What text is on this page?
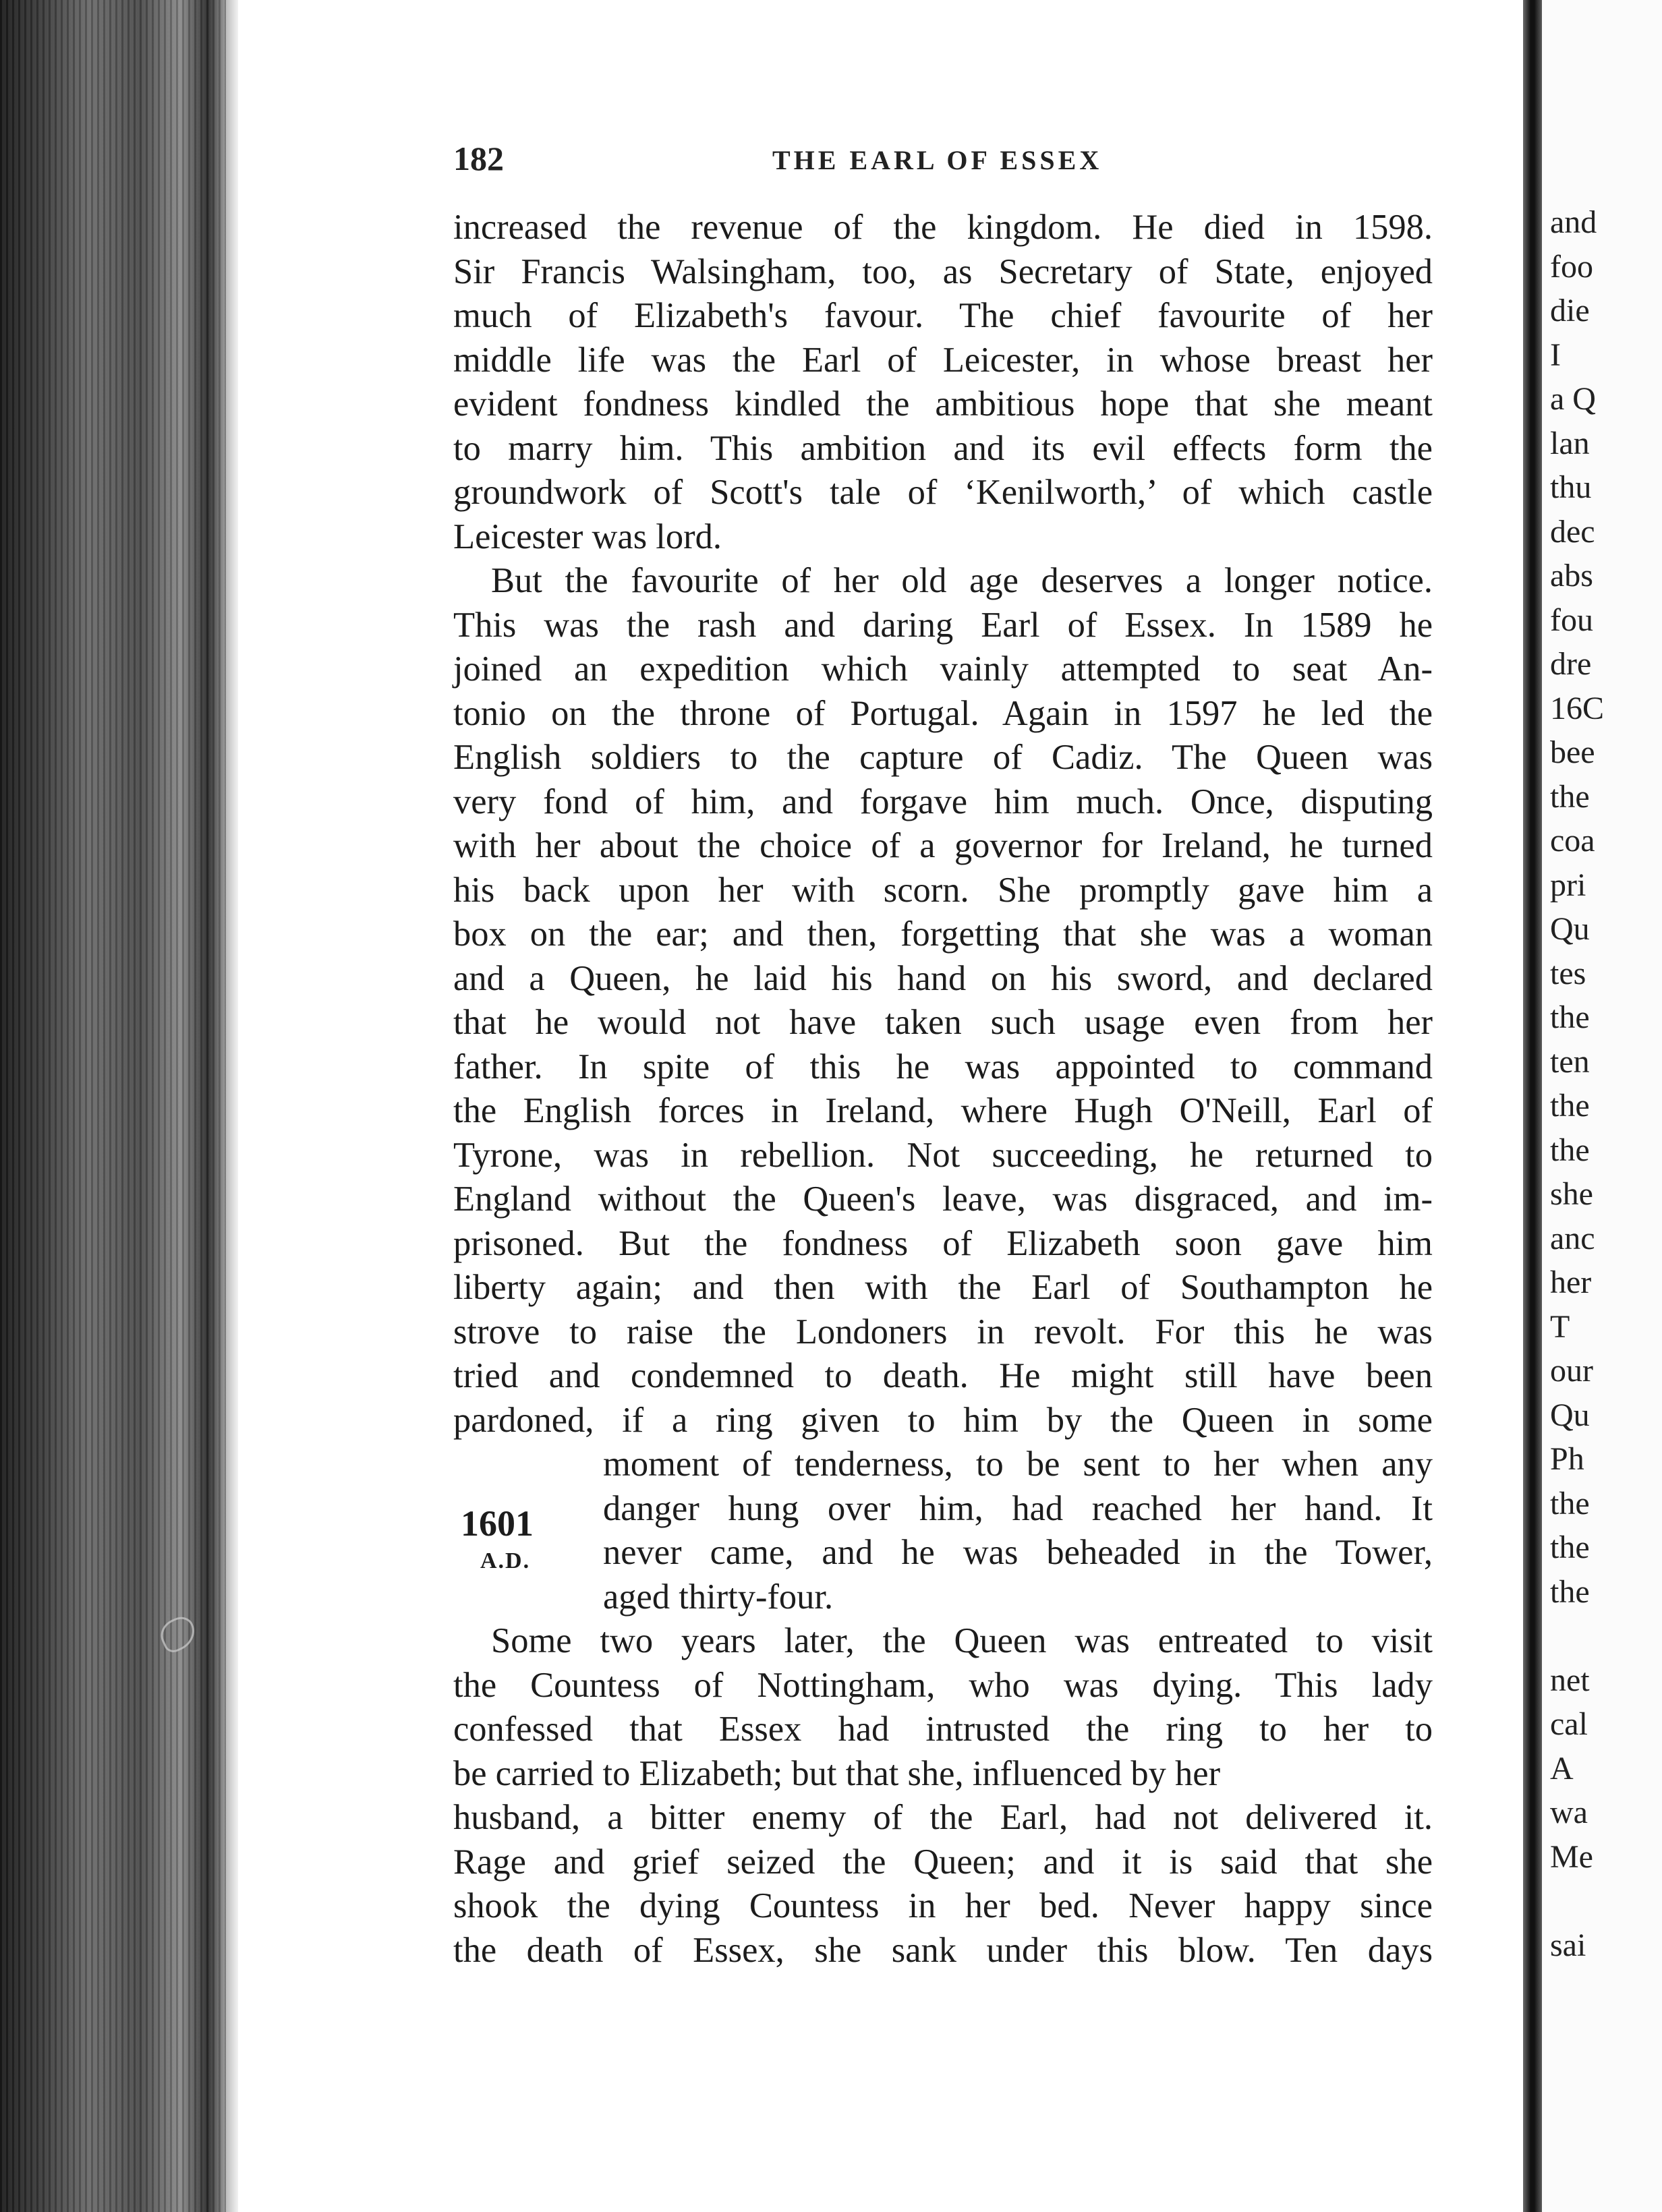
182	THE EARL OF ESSEX

increased the revenue of the kingdom. He died in 1598.
Sir Francis Walsingham, too, as Secretary of State, enjoyed
much of Elizabeth's favour. The chief favourite of her
middle life was the Earl of Leicester, in whose breast her
evident fondness kindled the ambitious hope that she meant
to marry him. This ambition and its evil effects form the
groundwork of Scott's tale of ‘Kenilworth,’ of which castle
Leicester was lord.

But the favourite of her old age deserves a longer notice.
This was the rash and daring Earl of Essex. In 1589 he
joined an expedition which vainly attempted to seat An-
tonio on the throne of Portugal. Again in 1597 he led the
English soldiers to the capture of Cadiz. The Queen was
very fond of him, and forgave him much. Once, disputing
with her about the choice of a governor for Ireland, he turned
his back upon her with scorn. She promptly gave him a
box on the ear; and then, forgetting that she was a woman
and a Queen, he laid his hand on his sword, and declared
that he would not have taken such usage even from her
father. In spite of this he was appointed to command
the English forces in Ireland, where Hugh O'Neill, Earl of
Tyrone, was in rebellion. Not succeeding, he returned to
England without the Queen's leave, was disgraced, and im-
prisoned. But the fondness of Elizabeth soon gave him
liberty again; and then with the Earl of Southampton he
strove to raise the Londoners in revolt. For this he was
tried and condemned to death. He might still have been
pardoned, if a ring given to him by the Queen in some

moment of tenderness, to be sent to her when any
danger hung over him, had reached her hand. It
never came, and he was beheaded in the Tower,
aged thirty-four.

Some two years later, the Queen was entreated to visit
the Countess of Nottingham, who was dying. This lady
confessed that Essex had intrusted the ring to her to
be carried to Elizabeth; but that she, influenced by her
husband, a bitter enemy of the Earl, had not delivered it.
Rage and grief seized the Queen; and it is said that she
shook the dying Countess in her bed. Never happy since
the death of Essex, she sank under this blow. Ten days

1601
A.D.
and
foo
die
I
a Q
lan
thu
dec
abs
fou
dre
16C
bee
the
coa
pri
Qu
tes
the
ten
the
the
she
anc
her
T
our
Qu
Ph
the
the
the
net
cal
A
wa
Me
sai
